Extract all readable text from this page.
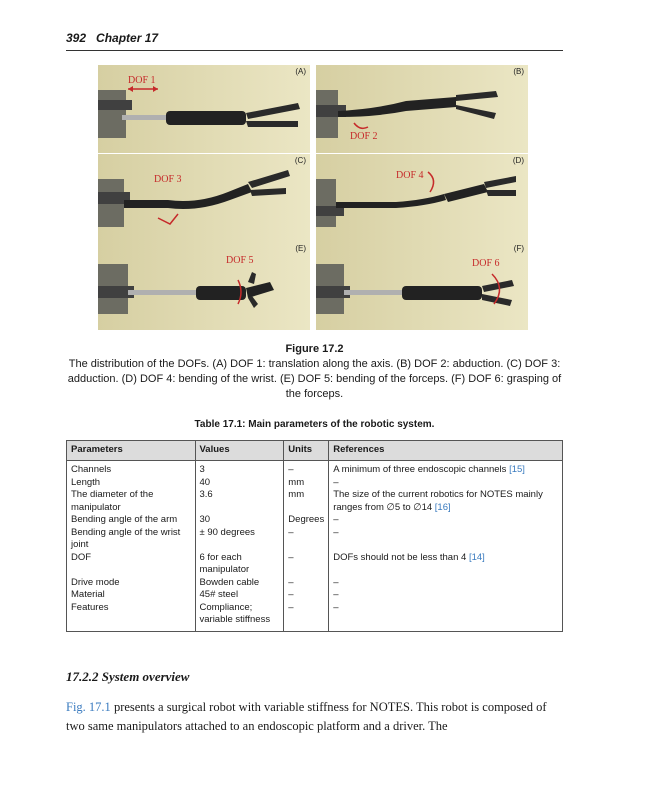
392 Chapter 17
(A)
DOF 1
(B)
DOF 2
(C)
DOF 3
(D)
DOF 4
(E)
DOF 5
(F)
DOF 6
Figure 17.2
The distribution of the DOFs. (A) DOF 1: translation along the axis. (B) DOF 2: abduction. (C) DOF 3: adduction. (D) DOF 4: bending of the wrist. (E) DOF 5: bending of the forceps. (F) DOF 6: grasping of the forceps.
Table 17.1: Main parameters of the robotic system.
Parameters	Values	Units	References
Channels	3	–	A minimum of three endoscopic channels [15]
Length	40	mm	–
The diameter of the manipulator	3.6	mm	The size of the current robotics for NOTES mainly ranges from ∅5 to ∅14 [16]
Bending angle of the arm	30	Degrees	–
Bending angle of the wrist joint	± 90 degrees	–	–
DOF	6 for each manipulator	–	DOFs should not be less than 4 [14]
Drive mode	Bowden cable	–	–
Material	45# steel	–	–
Features	Compliance; variable stiffness	–	–
17.2.2 System overview
Fig. 17.1 presents a surgical robot with variable stiffness for NOTES. This robot is composed of two same manipulators attached to an endoscopic platform and a driver. The
